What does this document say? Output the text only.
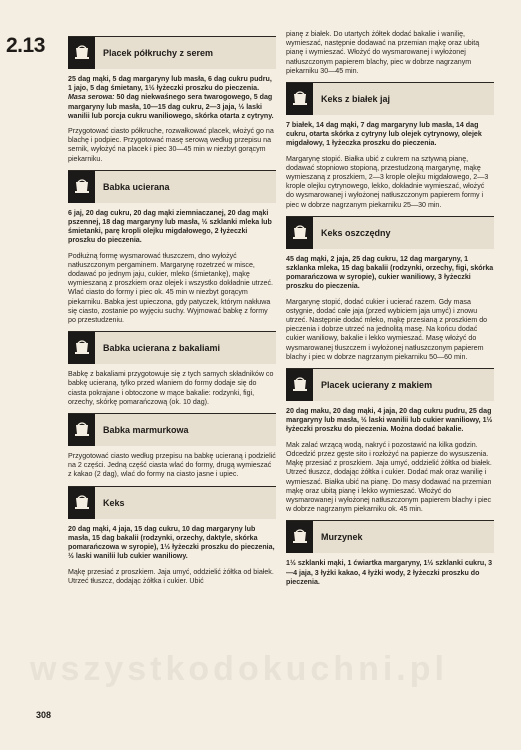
wszystkodokuchni.pl
2.13	Placek półkruchy z serem
25 dag mąki, 5 dag margaryny lub masła, 6 dag cukru pudru, 1 jajo, 5 dag śmietany, 1½ łyżeczki proszku do pieczenia.
Masa serowa: 50 dag niekwaśnego sera twarogowego, 5 dag margaryny lub masła, 10—15 dag cukru, 2—3 jaja, ½ laski wanilii lub porcja cukru waniliowego, skórka otarta z cytryny.

Przygotować ciasto półkruche, rozwałkować placek, włożyć go na blachę i podpiec. Przygotować masę serową według przepisu na sernik, wyłożyć na placek i piec 30—45 min w niezbyt gorącym piekarniku.

Babka ucierana
6 jaj, 20 dag cukru, 20 dag mąki ziemniaczanej, 20 dag mąki pszennej, 18 dag margaryny lub masła, ½ szklanki mleka lub śmietanki, parę kropli olejku migdałowego, 2 łyżeczki proszku do pieczenia.

Podłużną formę wysmarować tłuszczem, dno wyłożyć natłuszczonym pergaminem. Margarynę rozetrzeć w misce, dodawać po jednym jaju, cukier, mleko (śmietankę), mąkę wymieszaną z proszkiem oraz olejek i wszystko dokładnie utrzeć. Wlać ciasto do formy i piec ok. 45 min w niezbyt gorącym piekarniku. Babka jest upieczona, gdy patyczek, którym nakłuwa się ciasto, zostanie po wyjęciu suchy. Wyjmować babkę z formy po przestudzeniu.

Babka ucierana z bakaliami

Babkę z bakaliami przygotowuje się z tych samych składników co babkę ucieraną, tylko przed wlaniem do formy dodaje się do ciasta pokrajane i obtoczone w mące bakalie: rodzynki, figi, orzechy, skórkę pomarańczową (ok. 10 dag).

Babka marmurkowa

Przygotować ciasto według przepisu na babkę ucieraną i podzielić na 2 części. Jedną część ciasta wlać do formy, drugą wymieszać z kakao (2 dag), wlać do formy na ciasto jasne i upiec.

Keks
20 dag mąki, 4 jaja, 15 dag cukru, 10 dag margaryny lub masła, 15 dag bakalii (rodzynki, orzechy, daktyle, skórka pomarańczowa w syropie), 1½ łyżeczki proszku do pieczenia, ½ laski wanilii lub cukier waniliowy.

Mąkę przesiać z proszkiem. Jaja umyć, oddzielić żółtka od białek. Utrzeć tłuszcz, dodając żółtka i cukier. Ubić

pianę z białek. Do utartych żółtek dodać bakalie i wanilię, wymieszać, następnie dodawać na przemian mąkę oraz ubitą pianę i wymieszać. Włożyć do wysmarowanej i wyłożonej natłuszczonym papierem blachy, piec w dobrze nagrzanym piekarniku 30—45 min.

Keks z białek jaj
7 białek, 14 dag mąki, 7 dag margaryny lub masła, 14 dag cukru, otarta skórka z cytryny lub olejek cytrynowy, olejek migdałowy, 1 łyżeczka proszku do pieczenia.

Margarynę stopić. Białka ubić z cukrem na sztywną pianę, dodawać stopniowo stopioną, przestudzoną margarynę, mąkę wymieszaną z proszkiem, 2—3 krople olejku migdałowego, 2—3 krople olejku cytrynowego, lekko, dokładnie wymieszać, włożyć do wysmarowanej i wyłożonej natłuszczonym papierem formy i piec w dobrze nagrzanym piekarniku 25—30 min.

Keks oszczędny
45 dag mąki, 2 jaja, 25 dag cukru, 12 dag margaryny, 1 szklanka mleka, 15 dag bakalii (rodzynki, orzechy, figi, skórka pomarańczowa w syropie), cukier waniliowy, 3 łyżeczki proszku do pieczenia.

Margarynę stopić, dodać cukier i ucierać razem. Gdy masa ostygnie, dodać całe jaja (przed wybiciem jaja umyć) i znowu utrzeć. Następnie dodać mleko, mąkę przesianą z proszkiem do pieczenia i dobrze utrzeć na jednolitą masę. Na końcu dodać cukier waniliowy, bakalie i lekko wymieszać. Masę włożyć do wysmarowanej tłuszczem i wyłożonej natłuszczonym papierem blachy i piec w dobrze nagrzanym piekarniku 50—60 min.

Placek ucierany z makiem
20 dag maku, 20 dag mąki, 4 jaja, 20 dag cukru pudru, 25 dag margaryny lub masła, ½ laski wanilii lub cukier waniliowy, 1½ łyżeczki proszku do pieczenia. Można dodać bakalie.

Mak zalać wrzącą wodą, nakryć i pozostawić na kilka godzin. Odcedzić przez gęste sito i rozłożyć na papierze do wysuszenia. Mąkę przesiać z proszkiem. Jaja umyć, oddzielić żółtka od białek. Utrzeć tłuszcz, dodając żółtka i cukier. Dodać mak oraz wanilię i wymieszać. Białka ubić na pianę. Do masy dodawać na przemian mąkę oraz ubitą pianę i lekko wymieszać. Włożyć do wysmarowanej i wyłożonej natłuszczonym papierem blachy i piec w dobrze nagrzanym piekarniku ok. 45 min.

Murzynek
1½ szklanki mąki, 1 ćwiartka margaryny, 1½ szklanki cukru, 3—4 jaja, 3 łyżki kakao, 4 łyżki wody, 2 łyżeczki proszku do pieczenia.
308
